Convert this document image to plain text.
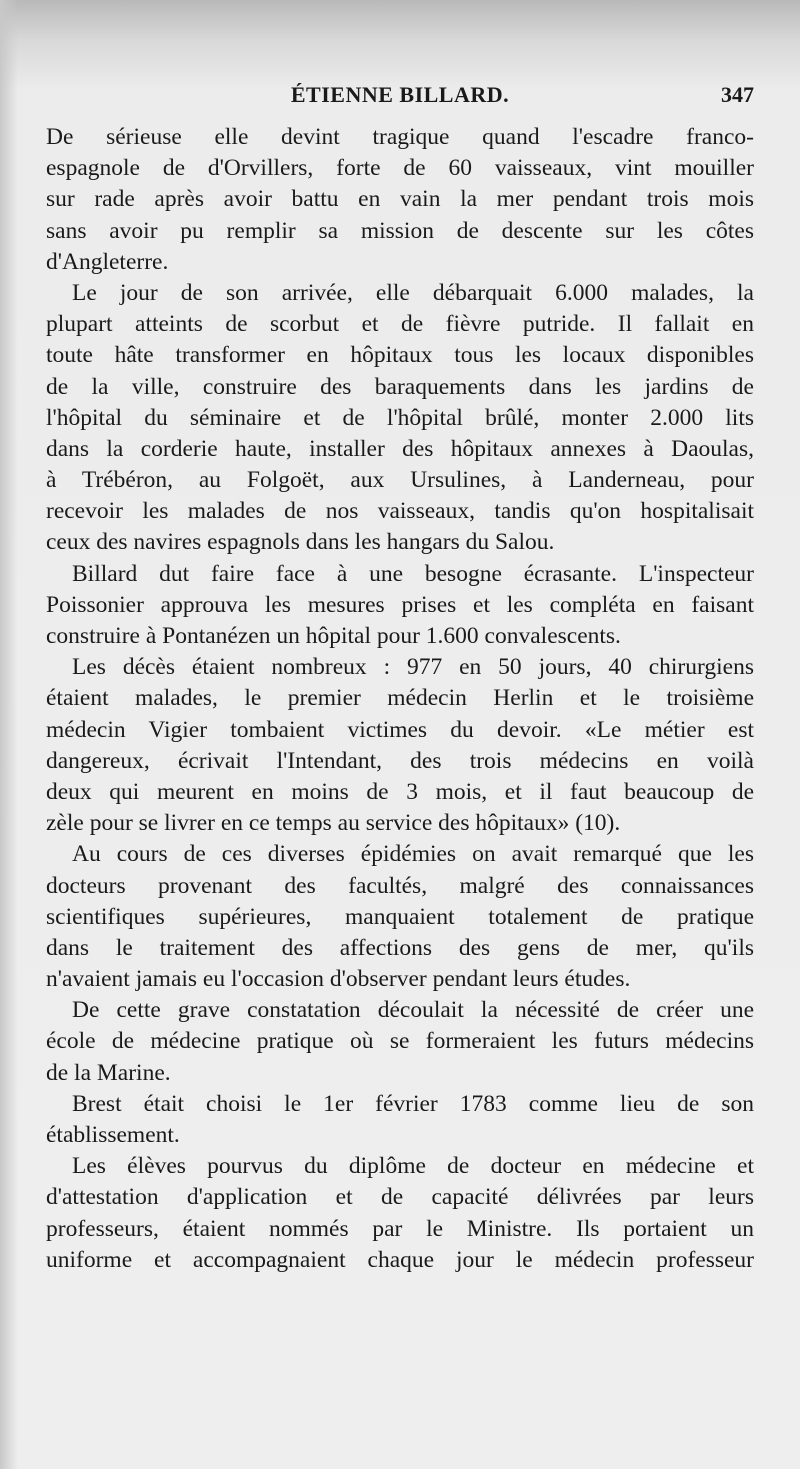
ÉTIENNE BILLARD.	347
De sérieuse elle devint tragique quand l'escadre franco-
espagnole de d'Orvillers, forte de 60 vaisseaux, vint mouiller
sur rade après avoir battu en vain la mer pendant trois mois
sans avoir pu remplir sa mission de descente sur les côtes
d'Angleterre.
Le jour de son arrivée, elle débarquait 6.000 malades, la
plupart atteints de scorbut et de fièvre putride. Il fallait en
toute hâte transformer en hôpitaux tous les locaux disponibles
de la ville, construire des baraquements dans les jardins de
l'hôpital du séminaire et de l'hôpital brûlé, monter 2.000 lits
dans la corderie haute, installer des hôpitaux annexes à Daoulas,
à Trébéron, au Folgoët, aux Ursulines, à Landerneau, pour
recevoir les malades de nos vaisseaux, tandis qu'on hospitalisait
ceux des navires espagnols dans les hangars du Salou.
Billard dut faire face à une besogne écrasante. L'inspecteur
Poissonier approuva les mesures prises et les compléta en faisant
construire à Pontanézen un hôpital pour 1.600 convalescents.
Les décès étaient nombreux : 977 en 50 jours, 40 chirurgiens
étaient malades, le premier médecin Herlin et le troisième
médecin Vigier tombaient victimes du devoir. «Le métier est
dangereux, écrivait l'Intendant, des trois médecins en voilà
deux qui meurent en moins de 3 mois, et il faut beaucoup de
zèle pour se livrer en ce temps au service des hôpitaux» (10).
Au cours de ces diverses épidémies on avait remarqué que les
docteurs provenant des facultés, malgré des connaissances
scientifiques supérieures, manquaient totalement de pratique
dans le traitement des affections des gens de mer, qu'ils
n'avaient jamais eu l'occasion d'observer pendant leurs études.
De cette grave constatation découlait la nécessité de créer une
école de médecine pratique où se formeraient les futurs médecins
de la Marine.
Brest était choisi le 1er février 1783 comme lieu de son
établissement.
Les élèves pourvus du diplôme de docteur en médecine et
d'attestation d'application et de capacité délivrées par leurs
professeurs, étaient nommés par le Ministre. Ils portaient un
uniforme et accompagnaient chaque jour le médecin professeur
